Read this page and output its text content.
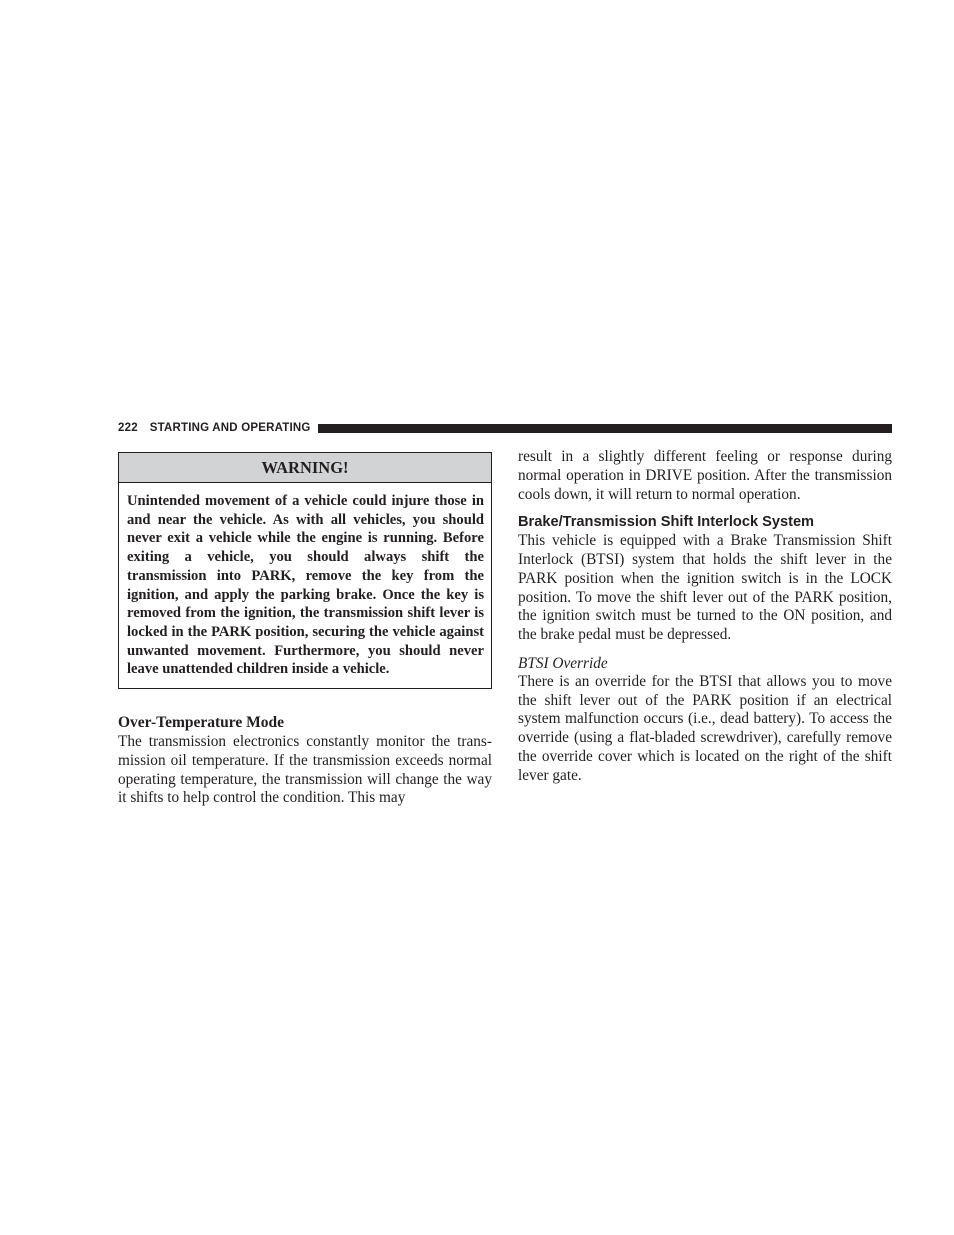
222 STARTING AND OPERATING
WARNING!
Unintended movement of a vehicle could injure those in and near the vehicle. As with all vehicles, you should never exit a vehicle while the engine is running. Before exiting a vehicle, you should always shift the transmission into PARK, remove the key from the ignition, and apply the parking brake. Once the key is removed from the ignition, the transmission shift lever is locked in the PARK position, securing the vehicle against unwanted movement. Furthermore, you should never leave unattended children inside a vehicle.
Over-Temperature Mode
The transmission electronics constantly monitor the transmission oil temperature. If the transmission exceeds normal operating temperature, the transmission will change the way it shifts to help control the condition. This may
result in a slightly different feeling or response during normal operation in DRIVE position. After the transmission cools down, it will return to normal operation.
Brake/Transmission Shift Interlock System
This vehicle is equipped with a Brake Transmission Shift Interlock (BTSI) system that holds the shift lever in the PARK position when the ignition switch is in the LOCK position. To move the shift lever out of the PARK position, the ignition switch must be turned to the ON position, and the brake pedal must be depressed.
BTSI Override
There is an override for the BTSI that allows you to move the shift lever out of the PARK position if an electrical system malfunction occurs (i.e., dead battery). To access the override (using a flat-bladed screwdriver), carefully remove the override cover which is located on the right of the shift lever gate.
